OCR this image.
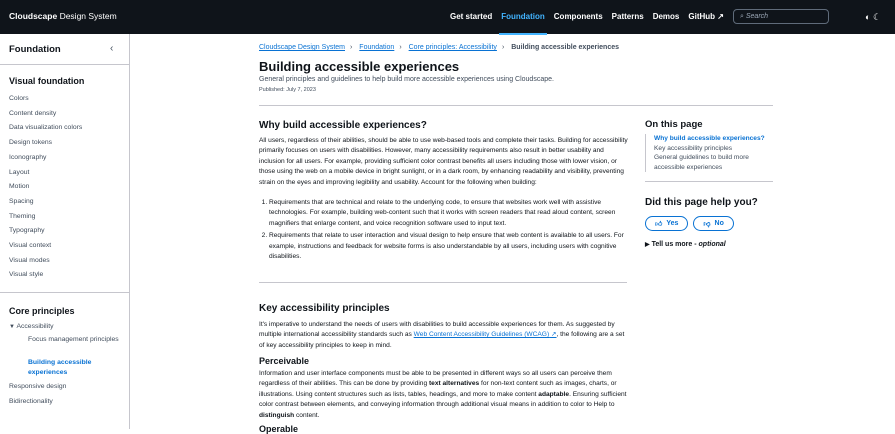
Cloudscape Design System	Get started Foundation Components Patterns Demos GitHub ↗	⌕ Search	◐ ☾
Foundation	‹
Visual foundation
Colors
Content density
Data visualization colors
Design tokens
Iconography
Layout
Motion
Spacing
Theming
Typography
Visual context
Visual modes
Visual style
Core principles
▼ Accessibility
Focus management principles
Building accessible experiences
Responsive design
Bidirectionality
Cloudscape Design System › Foundation › Core principles: Accessibility › Building accessible experiences
Building accessible experiences
General principles and guidelines to help build more accessible experiences using Cloudscape.
Published: July 7, 2023
Why build accessible experiences?

All users, regardless of their abilities, should be able to use web-based tools and complete their tasks. Building for accessibility primarily focuses on users with disabilities. However, many accessibility requirements also result in better usability and inclusion for all users. For example, providing sufficient color contrast benefits all users including those with lower vision, or those using the web on a mobile device in bright sunlight, or in a dark room, by enhancing readability and visibility, preventing strain on the eyes and improving legibility and usability. Account for the following when building:

1. Requirements that are technical and relate to the underlying code, to ensure that websites work well with assistive technologies. For example, building web-content such that it works with screen readers that read aloud content, screen magnifiers that enlarge content, and voice recognition software used to input text.
2. Requirements that relate to user interaction and visual design to help ensure that web content is available to all users. For example, instructions and feedback for website forms is also understandable by all users, including users with cognitive disabilities.
Key accessibility principles

It's imperative to understand the needs of users with disabilities to build accessible experiences for them. As suggested by multiple international accessibility standards such as Web Content Accessibility Guidelines (WCAG) ↗, the following are a set of key accessibility principles to keep in mind.

Perceivable

Information and user interface components must be able to be presented in different ways so all users can perceive them regardless of their abilities. This can be done by providing text alternatives for non-text content such as images, charts, or illustrations. Using content structures such as lists, tables, headings, and more to make content adaptable. Ensuring sufficient color contrast between elements, and conveying information through additional visual means in addition to color to Help to distinguish content.

Operable
On this page
Why build accessible experiences?
Key accessibility principles
General guidelines to build more accessible experiences
Did this page help you?
👍︎ Yes	👎︎ No
▶ Tell us more - optional
